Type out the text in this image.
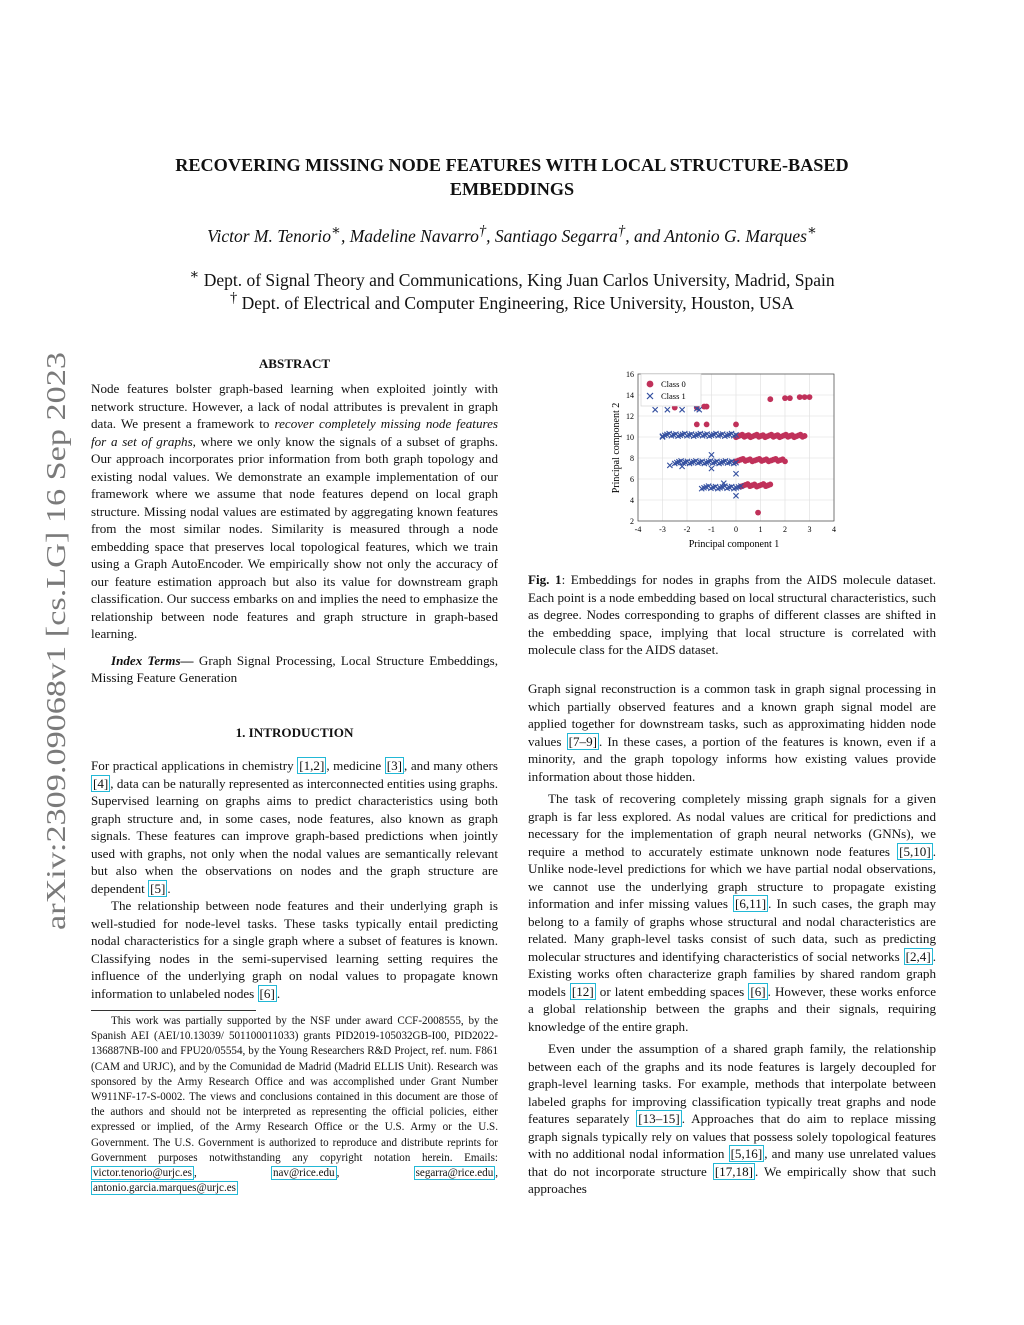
arXiv:2309.09068v1 [cs.LG] 16 Sep 2023
RECOVERING MISSING NODE FEATURES WITH LOCAL STRUCTURE-BASED
EMBEDDINGS
Victor M. Tenorio∗, Madeline Navarro†, Santiago Segarra†, and Antonio G. Marques∗
∗ Dept. of Signal Theory and Communications, King Juan Carlos University, Madrid, Spain
† Dept. of Electrical and Computer Engineering, Rice University, Houston, USA
ABSTRACT

Node features bolster graph-based learning when exploited jointly with network structure. However, a lack of nodal attributes is prevalent in graph data. We present a framework to recover completely missing node features for a set of graphs, where we only know the signals of a subset of graphs. Our approach incorporates prior information from both graph topology and existing nodal values. We demonstrate an example implementation of our framework where we assume that node features depend on local graph structure. Missing nodal values are estimated by aggregating known features from the most similar nodes. Similarity is measured through a node embedding space that preserves local topological features, which we train using a Graph AutoEncoder. We empirically show not only the accuracy of our feature estimation approach but also its value for downstream graph classification. Our success embarks on and implies the need to emphasize the relationship between node features and graph structure in graph-based learning.

Index Terms— Graph Signal Processing, Local Structure Embeddings, Missing Feature Generation

1. INTRODUCTION

For practical applications in chemistry [1,2] , medicine [3] , and many others [4] , data can be naturally represented as interconnected entities using graphs. Supervised learning on graphs aims to predict characteristics using both graph structure and, in some cases, node features, also known as graph signals. These features can improve graph-based predictions when jointly used with graphs, not only when the nodal values are semantically relevant but also when the observations on nodes and the graph structure are dependent [5] .

The relationship between node features and their underlying graph is well-studied for node-level tasks. These tasks typically entail predicting nodal characteristics for a single graph where a subset of features is known. Classifying nodes in the semi-supervised learning setting requires the influence of the underlying graph on nodal values to propagate known information to unlabeled nodes [6] .

This work was partially supported by the NSF under award CCF-2008555, by the Spanish AEI (AEI/10.13039/ 501100011033) grants PID2019-105032GB-I00, PID2022-136887NB-I00 and FPU20/05554, by the Young Researchers R&D Project, ref. num. F861 (CAM and URJC), and by the Comunidad de Madrid (Madrid ELLIS Unit). Research was sponsored by the Army Research Office and was accomplished under Grant Number W911NF-17-S-0002. The views and conclusions contained in this document are those of the authors and should not be interpreted as representing the official policies, either expressed or implied, of the Army Research Office or the U.S. Army or the U.S. Government. The U.S. Government is authorized to reproduce and distribute reprints for Government purposes notwithstanding any copyright notation herein. Emails: victor.tenorio@urjc.es , nav@rice.edu , segarra@rice.edu , antonio.garcia.marques@urjc.es
-4 -3 -2 -1 0	1	2	3	4
2
4
6
8
10
12
14
16
Class 0
Class 1
Principal component 1
Principal component 2
Fig. 1: Embeddings for nodes in graphs from the AIDS molecule dataset. Each point is a node embedding based on local structural characteristics, such as degree. Nodes corresponding to graphs of different classes are shifted in the embedding space, implying that local structure is correlated with molecule class for the AIDS dataset.

Graph signal reconstruction is a common task in graph signal processing in which partially observed features and a known graph signal model are applied together for downstream tasks, such as approximating hidden node values [7–9] . In these cases, a portion of the features is known, even if a minority, and the graph topology informs how existing values provide information about those hidden.

The task of recovering completely missing graph signals for a given graph is far less explored. As nodal values are critical for predictions and necessary for the implementation of graph neural networks (GNNs), we require a method to accurately estimate unknown node features [5,10] . Unlike node-level predictions for which we have partial nodal observations, we cannot use the underlying graph structure to propagate existing information and infer missing values [6,11] . In such cases, the graph may belong to a family of graphs whose structural and nodal characteristics are related. Many graph-level tasks consist of such data, such as predicting molecular structures and identifying characteristics of social networks [2,4] . Existing works often characterize graph families by shared random graph models [12] or latent embedding spaces [6] . However, these works enforce a global relationship between the graphs and their signals, requiring knowledge of the entire graph.

Even under the assumption of a shared graph family, the relationship between each of the graphs and its node features is largely decoupled for graph-level learning tasks. For example, methods that interpolate between labeled graphs for improving classification typically treat graphs and node features separately [13–15] . Approaches that do aim to replace missing graph signals typically rely on values that possess solely topological features with no additional nodal information [5,16] , and many use unrelated values that do not incorporate structure [17,18] . We empirically show that such approaches
